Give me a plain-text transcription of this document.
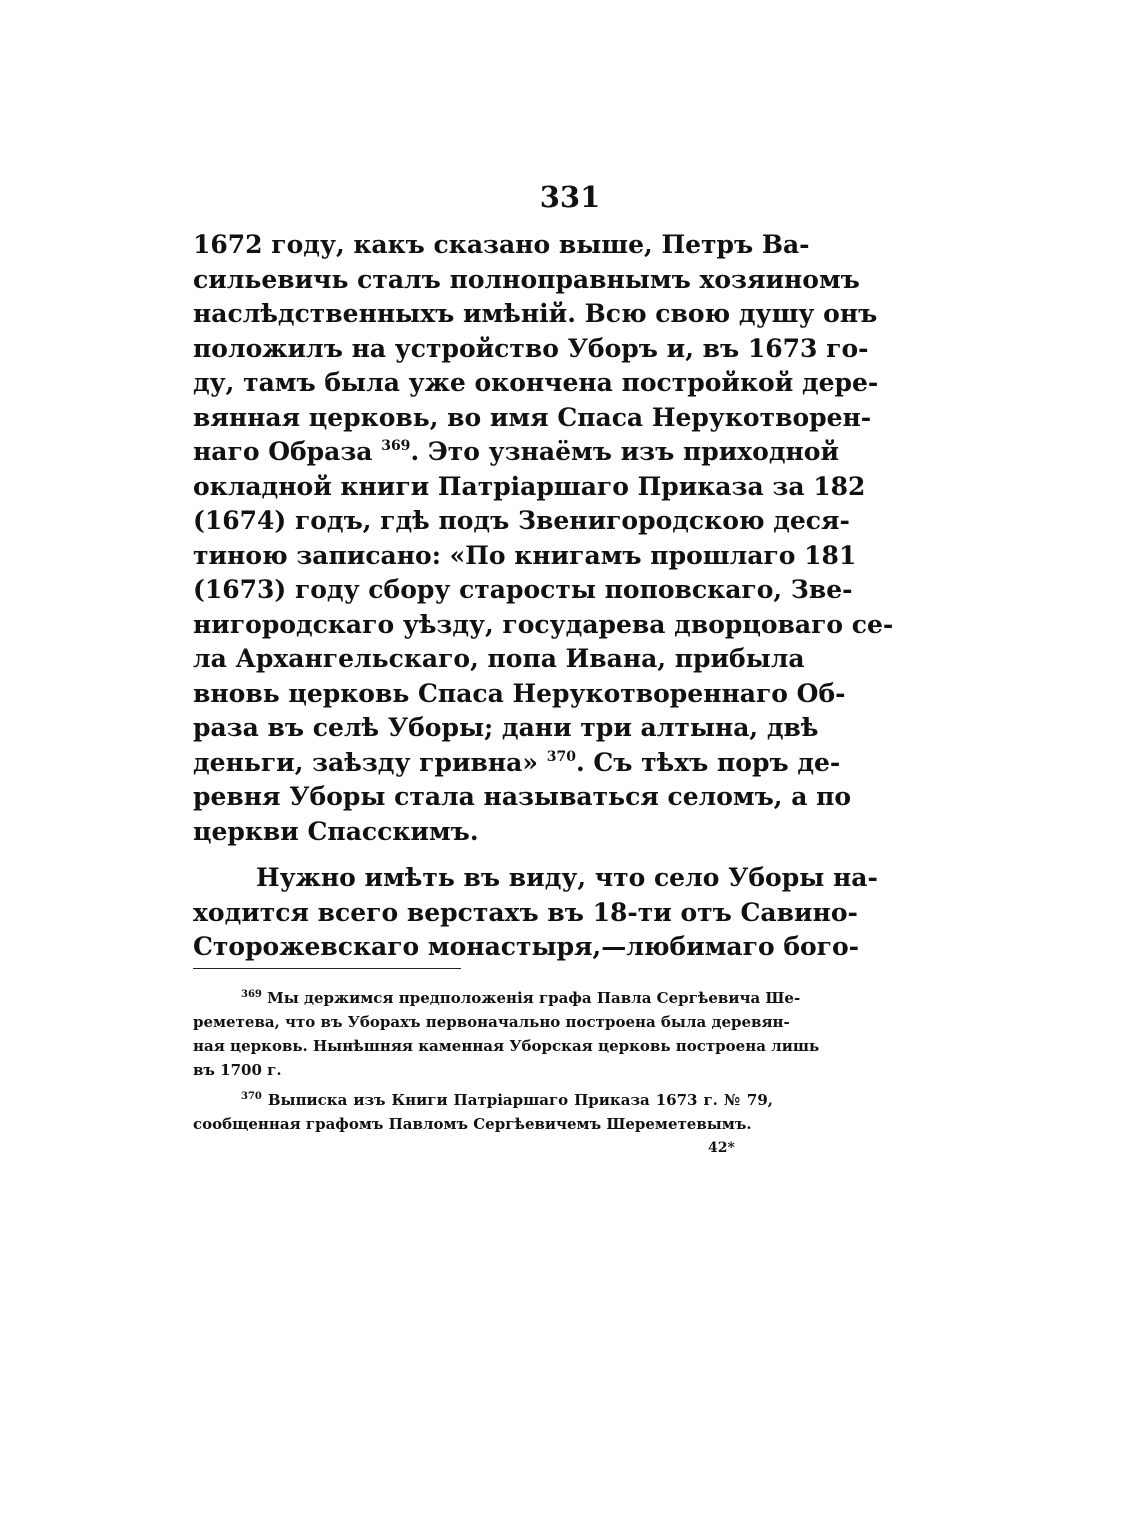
331
1672 году, какъ сказано выше, Петръ Ва-
сильевичь сталъ полноправнымъ хозяиномъ
наслѣдственныхъ имѣній. Всю свою душу онъ
положилъ на устройство Уборъ и, въ 1673 го-
ду, тамъ была уже окончена постройкой дере-
вянная церковь, во имя Спаса Нерукотворен-
наго Образа $^{369}$. Это узнаёмъ изъ приходной
окладной книги Патріаршаго Приказа за 182
(1674) годъ, гдѣ подъ Звенигородскою деся-
тиною записано: «По книгамъ прошлаго 181
(1673) году сбору старосты поповскаго, Зве-
нигородскаго уѣзду, государева дворцоваго се-
ла Архангельскаго, попа Ивана, прибыла
вновь церковь Спаса Нерукотвореннаго Об-
раза въ селѣ Уборы; дани три алтына, двѣ
деньги, заѣзду гривна» $^{370}$. Съ тѣхъ поръ де-
ревня Уборы стала называться селомъ, а по
церкви Спасскимъ.
Нужно имѣть въ виду, что село Уборы на-
ходится всего верстахъ въ 18-ти отъ Савино-
Сторожевскаго монастыря,—любимаго бого-
$^{369}$ Мы держимся предположенія графа Павла Сергѣевича Ше-
реметева, что въ Уборахъ первоначально построена была деревян-
ная церковь. Нынѣшняя каменная Уборская церковь построена лишь
въ 1700 г.
$^{370}$ Выписка изъ Книги Патріаршаго Приказа 1673 г. № 79,
сообщенная графомъ Павломъ Сергѣевичемъ Шереметевымъ.
42*
